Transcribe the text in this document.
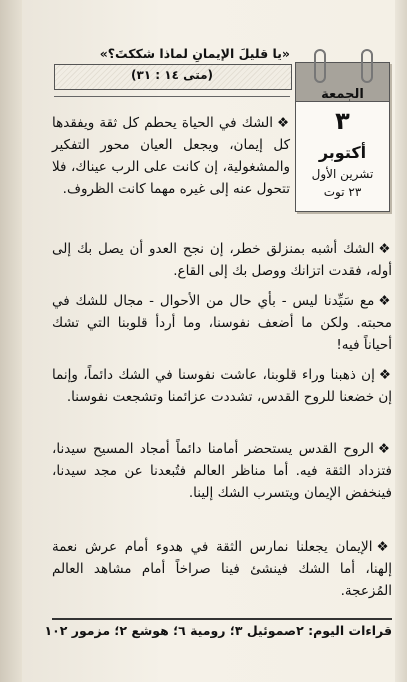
«يا قليلَ الإيمانِ لماذا شككتَ؟»
(متى ١٤ : ٣١)
الجمعة
٣
أكتوبر
تشرين الأول
٢٣ توت

❖الشك في الحياة يحطم كل ثقة ويفقدها كل إيمان، ويجعل العيان محور التفكير والمشغولية، إن كانت على الرب عيناك، فلا تتحول عنه إلى غيره مهما كانت الظروف.

❖الشك أشبه بمنزلق خطر، إن نجح العدو أن يصل بك إلى أوله، فقدت اتزانك ووصل بك إلى القاع.

❖مع سَيِّدنا ليس - بأي حال من الأحوال - مجال للشك في محبته. ولكن ما أضعف نفوسنا، وما أردأ قلوبنا التي تشك أحياناً فيه!

❖إن ذهبنا وراء قلوبنا، عاشت نفوسنا في الشك دائماً، وإنما إن خضعنا للروح القدس، تشددت عزائمنا وتشجعت نفوسنا.

❖الروح القدس يستحضر أمامنا دائماً أمجاد المسيح سيدنا، فتزداد الثقة فيه. أما مناظر العالم فتُبعدنا عن مجد سيدنا، فينخفض الإيمان ويتسرب الشك إلينا.

❖الإيمان يجعلنا نمارس الثقة في هدوء أمام عرش نعمة إلهنا، أما الشك فينشئ فينا صراخاً أمام مشاهد العالم المُزعجة.

قراءات اليوم: ٢صموئيل ٣؛ رومية ٦؛ هوشع ٢؛ مزمور ١٠٢
